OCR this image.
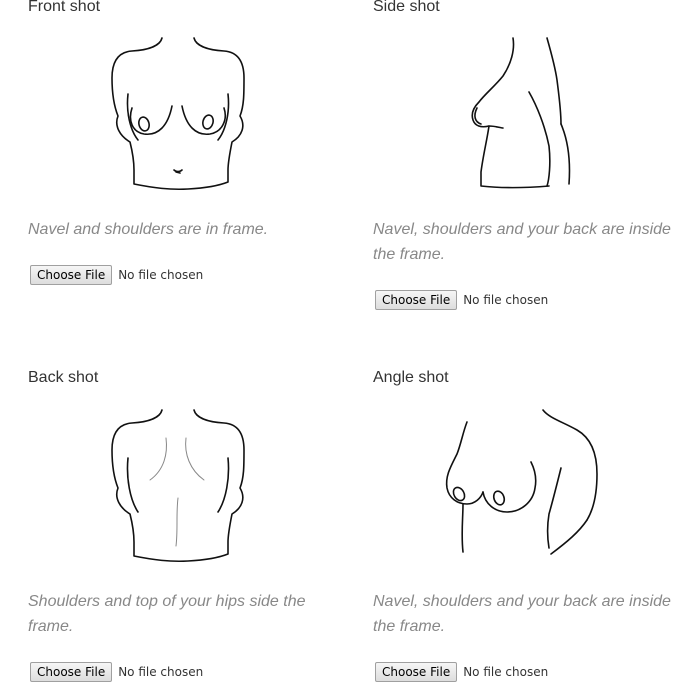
Front shot

Navel and shoulders are in frame.

Choose File	No file chosen
Side shot

Navel, shoulders and your back are inside the frame.

Choose File	No file chosen
Back shot

Shoulders and top of your hips side the frame.

Choose File	No file chosen
Angle shot

Navel, shoulders and your back are inside the frame.

Choose File	No file chosen
